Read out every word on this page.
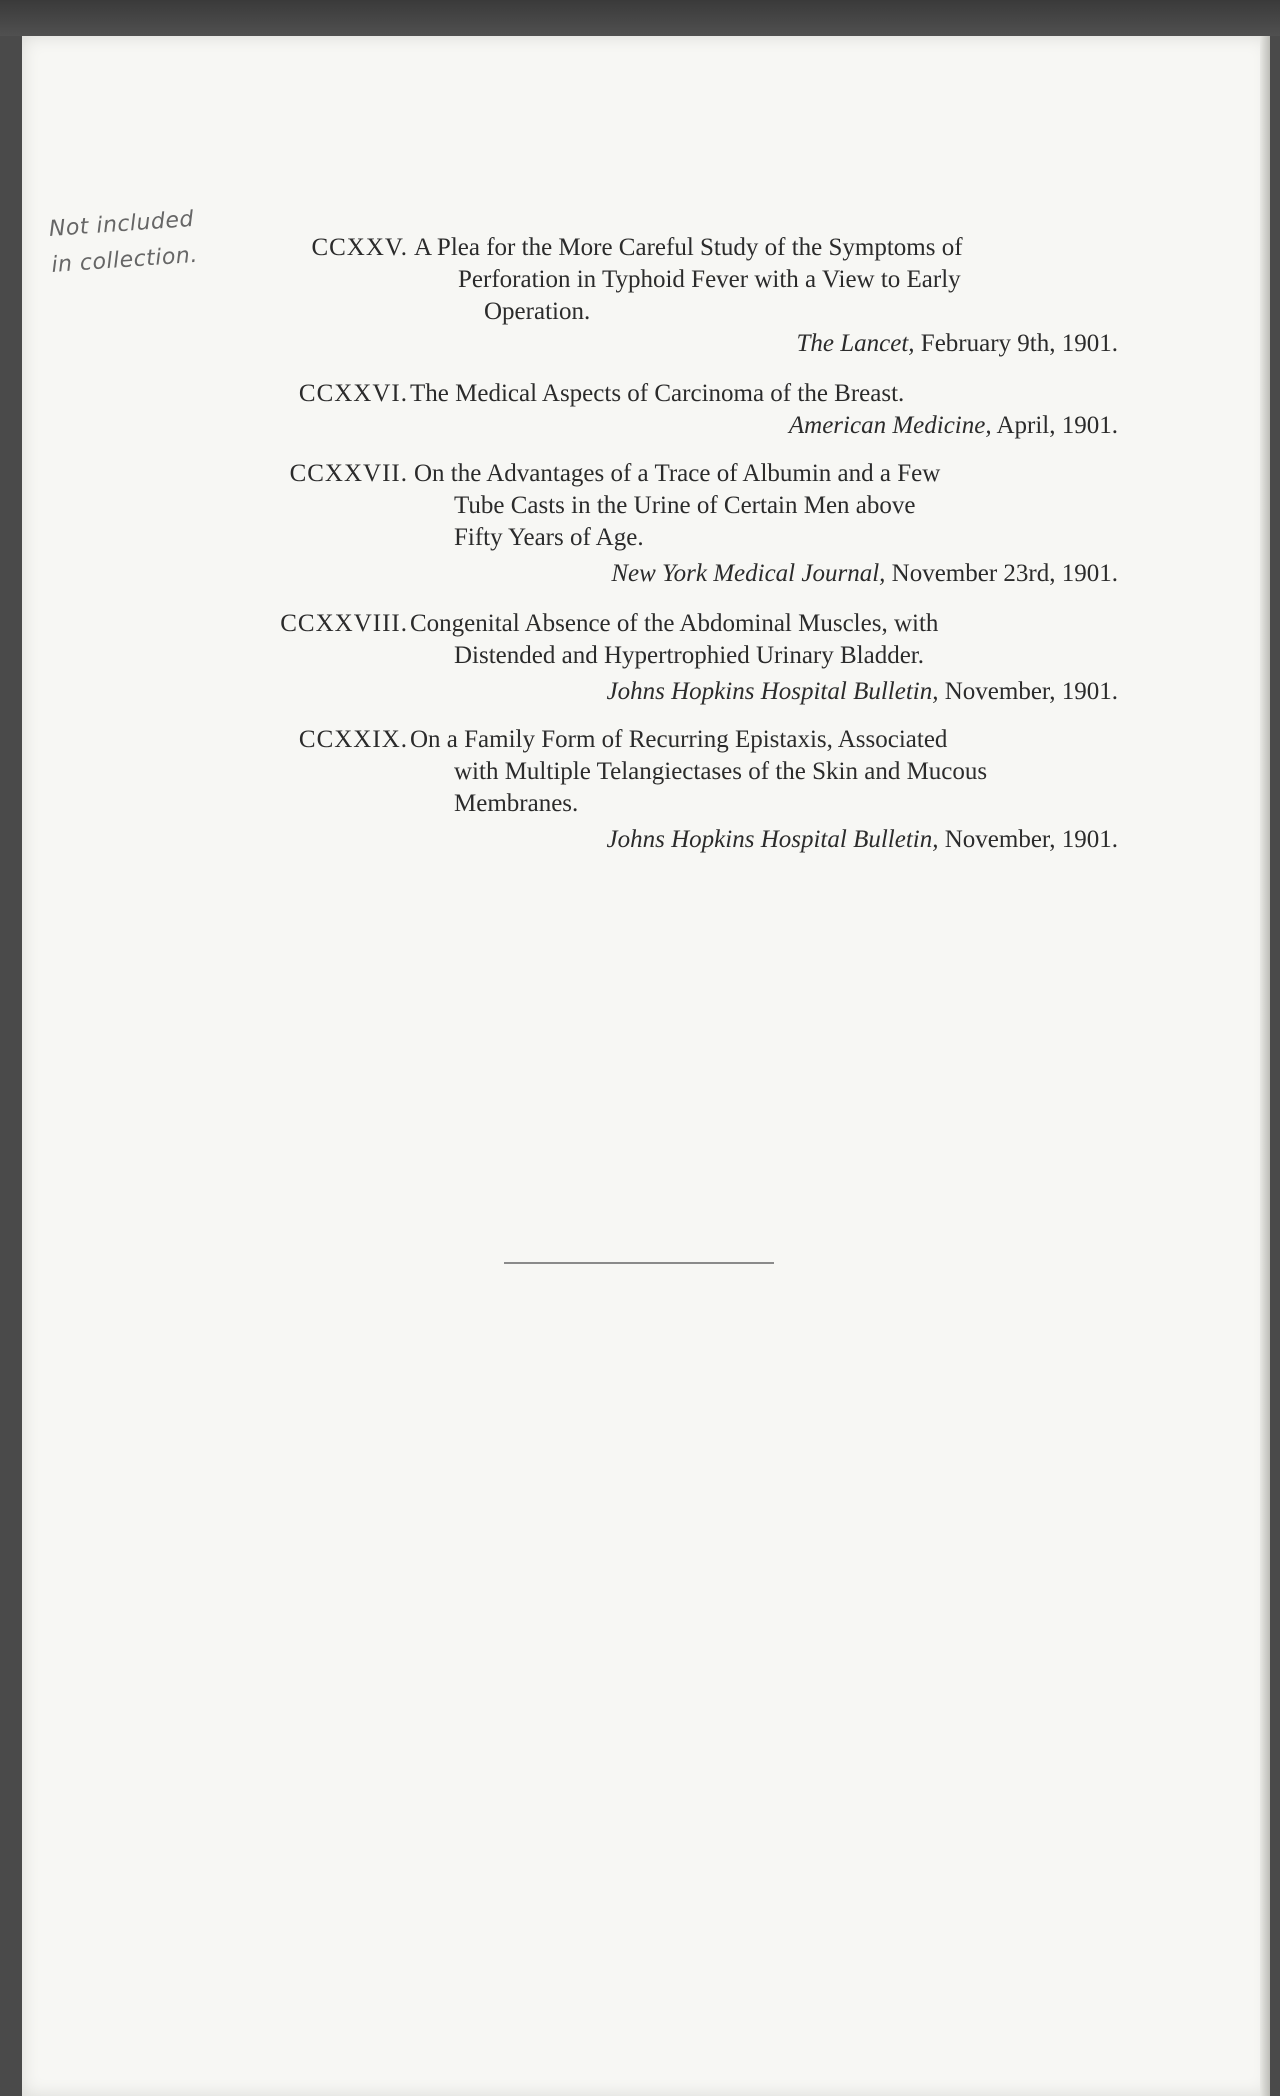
Not included
in collection.	CCXXV. A Plea for the More Careful Study of the Symptoms of
Perforation in Typhoid Fever with a View to Early
Operation.
The Lancet, February 9th, 1901.
CCXXVI. The Medical Aspects of Carcinoma of the Breast.
American Medicine, April, 1901.
CCXXVII. On the Advantages of a Trace of Albumin and a Few
Tube Casts in the Urine of Certain Men above
Fifty Years of Age.
New York Medical Journal, November 23rd, 1901.
CCXXVIII. Congenital Absence of the Abdominal Muscles, with
Distended and Hypertrophied Urinary Bladder.
Johns Hopkins Hospital Bulletin, November, 1901.
CCXXIX. On a Family Form of Recurring Epistaxis, Associated
with Multiple Telangiectases of the Skin and Mucous
Membranes.
Johns Hopkins Hospital Bulletin, November, 1901.
